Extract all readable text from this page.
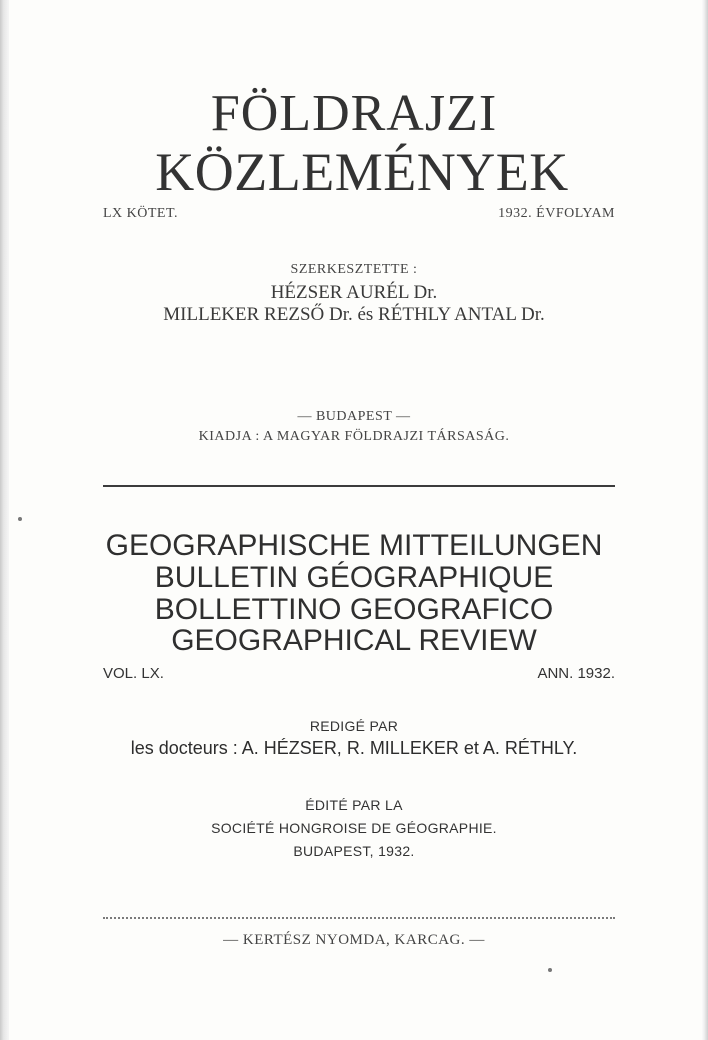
FÖLDRAJZI
KÖZLEMÉNYEK
LX KÖTET.	1932. ÉVFOLYAM
SZERKESZTETTE :
HÉZSER AURÉL Dr.
MILLEKER REZSŐ Dr. és RÉTHLY ANTAL Dr.
— BUDAPEST —
KIADJA : A MAGYAR FÖLDRAJZI TÁRSASÁG.
GEOGRAPHISCHE MITTEILUNGEN
BULLETIN GÉOGRAPHIQUE
BOLLETTINO GEOGRAFICO
GEOGRAPHICAL REVIEW
VOL. LX.	ANN. 1932.
REDIGÉ PAR
les docteurs : A. HÉZSER, R. MILLEKER et A. RÉTHLY.
ÉDITÉ PAR LA
SOCIÉTÉ HONGROISE DE GÉOGRAPHIE.
BUDAPEST, 1932.
— KERTÉSZ NYOMDA, KARCAG. —
